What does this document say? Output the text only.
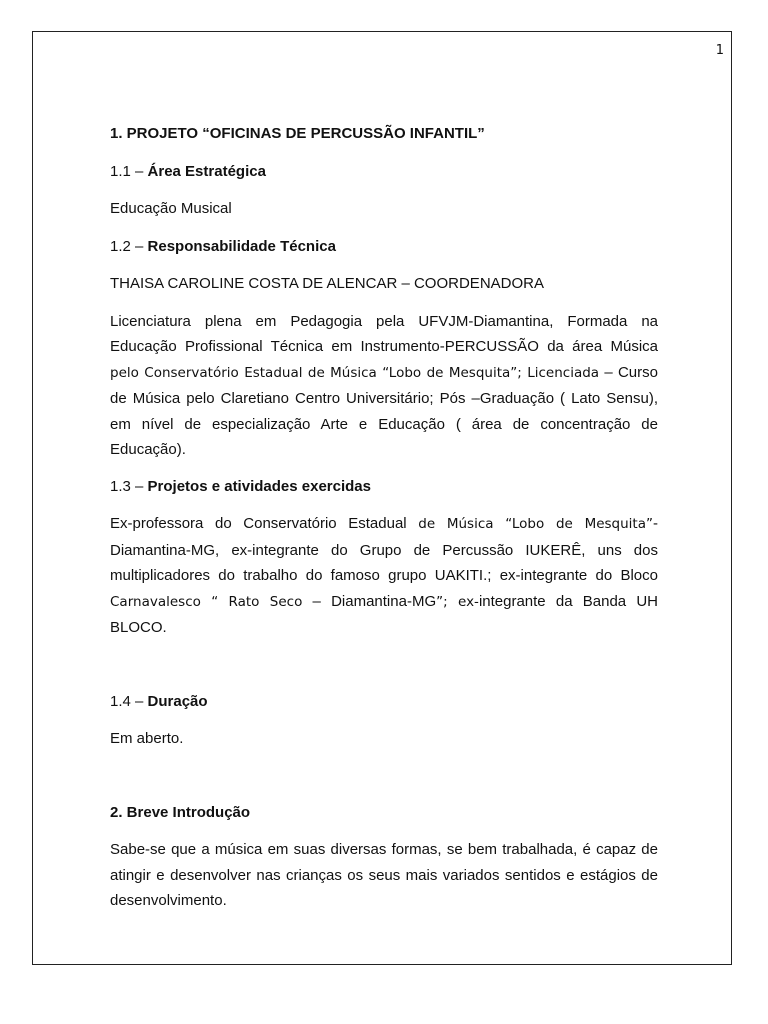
1

1. PROJETO “OFICINAS DE PERCUSSÃO INFANTIL”

1.1 – Área Estratégica

Educação Musical

1.2 – Responsabilidade Técnica

THAISA CAROLINE COSTA DE ALENCAR – COORDENADORA

Licenciatura plena em Pedagogia pela UFVJM-Diamantina, Formada na Educação Profissional Técnica em Instrumento-PERCUSSÃO da área Música pelo Conservatório Estadual de Música “Lobo de Mesquita”; Licenciada – Curso de Música pelo Claretiano Centro Universitário; Pós –Graduação ( Lato Sensu), em nível de especialização Arte e Educação ( área de concentração de Educação).

1.3 – Projetos e atividades exercidas

Ex-professora do Conservatório Estadual de Música “Lobo de Mesquita”- Diamantina-MG, ex-integrante do Grupo de Percussão IUKERÊ, uns dos multiplicadores do trabalho do famoso grupo UAKITI.; ex-integrante do Bloco Carnavalesco “ Rato Seco – Diamantina-MG”; ex-integrante da Banda UH BLOCO.

1.4 – Duração

Em aberto.

2. Breve Introdução

Sabe-se que a música em suas diversas formas, se bem trabalhada, é capaz de atingir e desenvolver nas crianças os seus mais variados sentidos e estágios de desenvolvimento.
